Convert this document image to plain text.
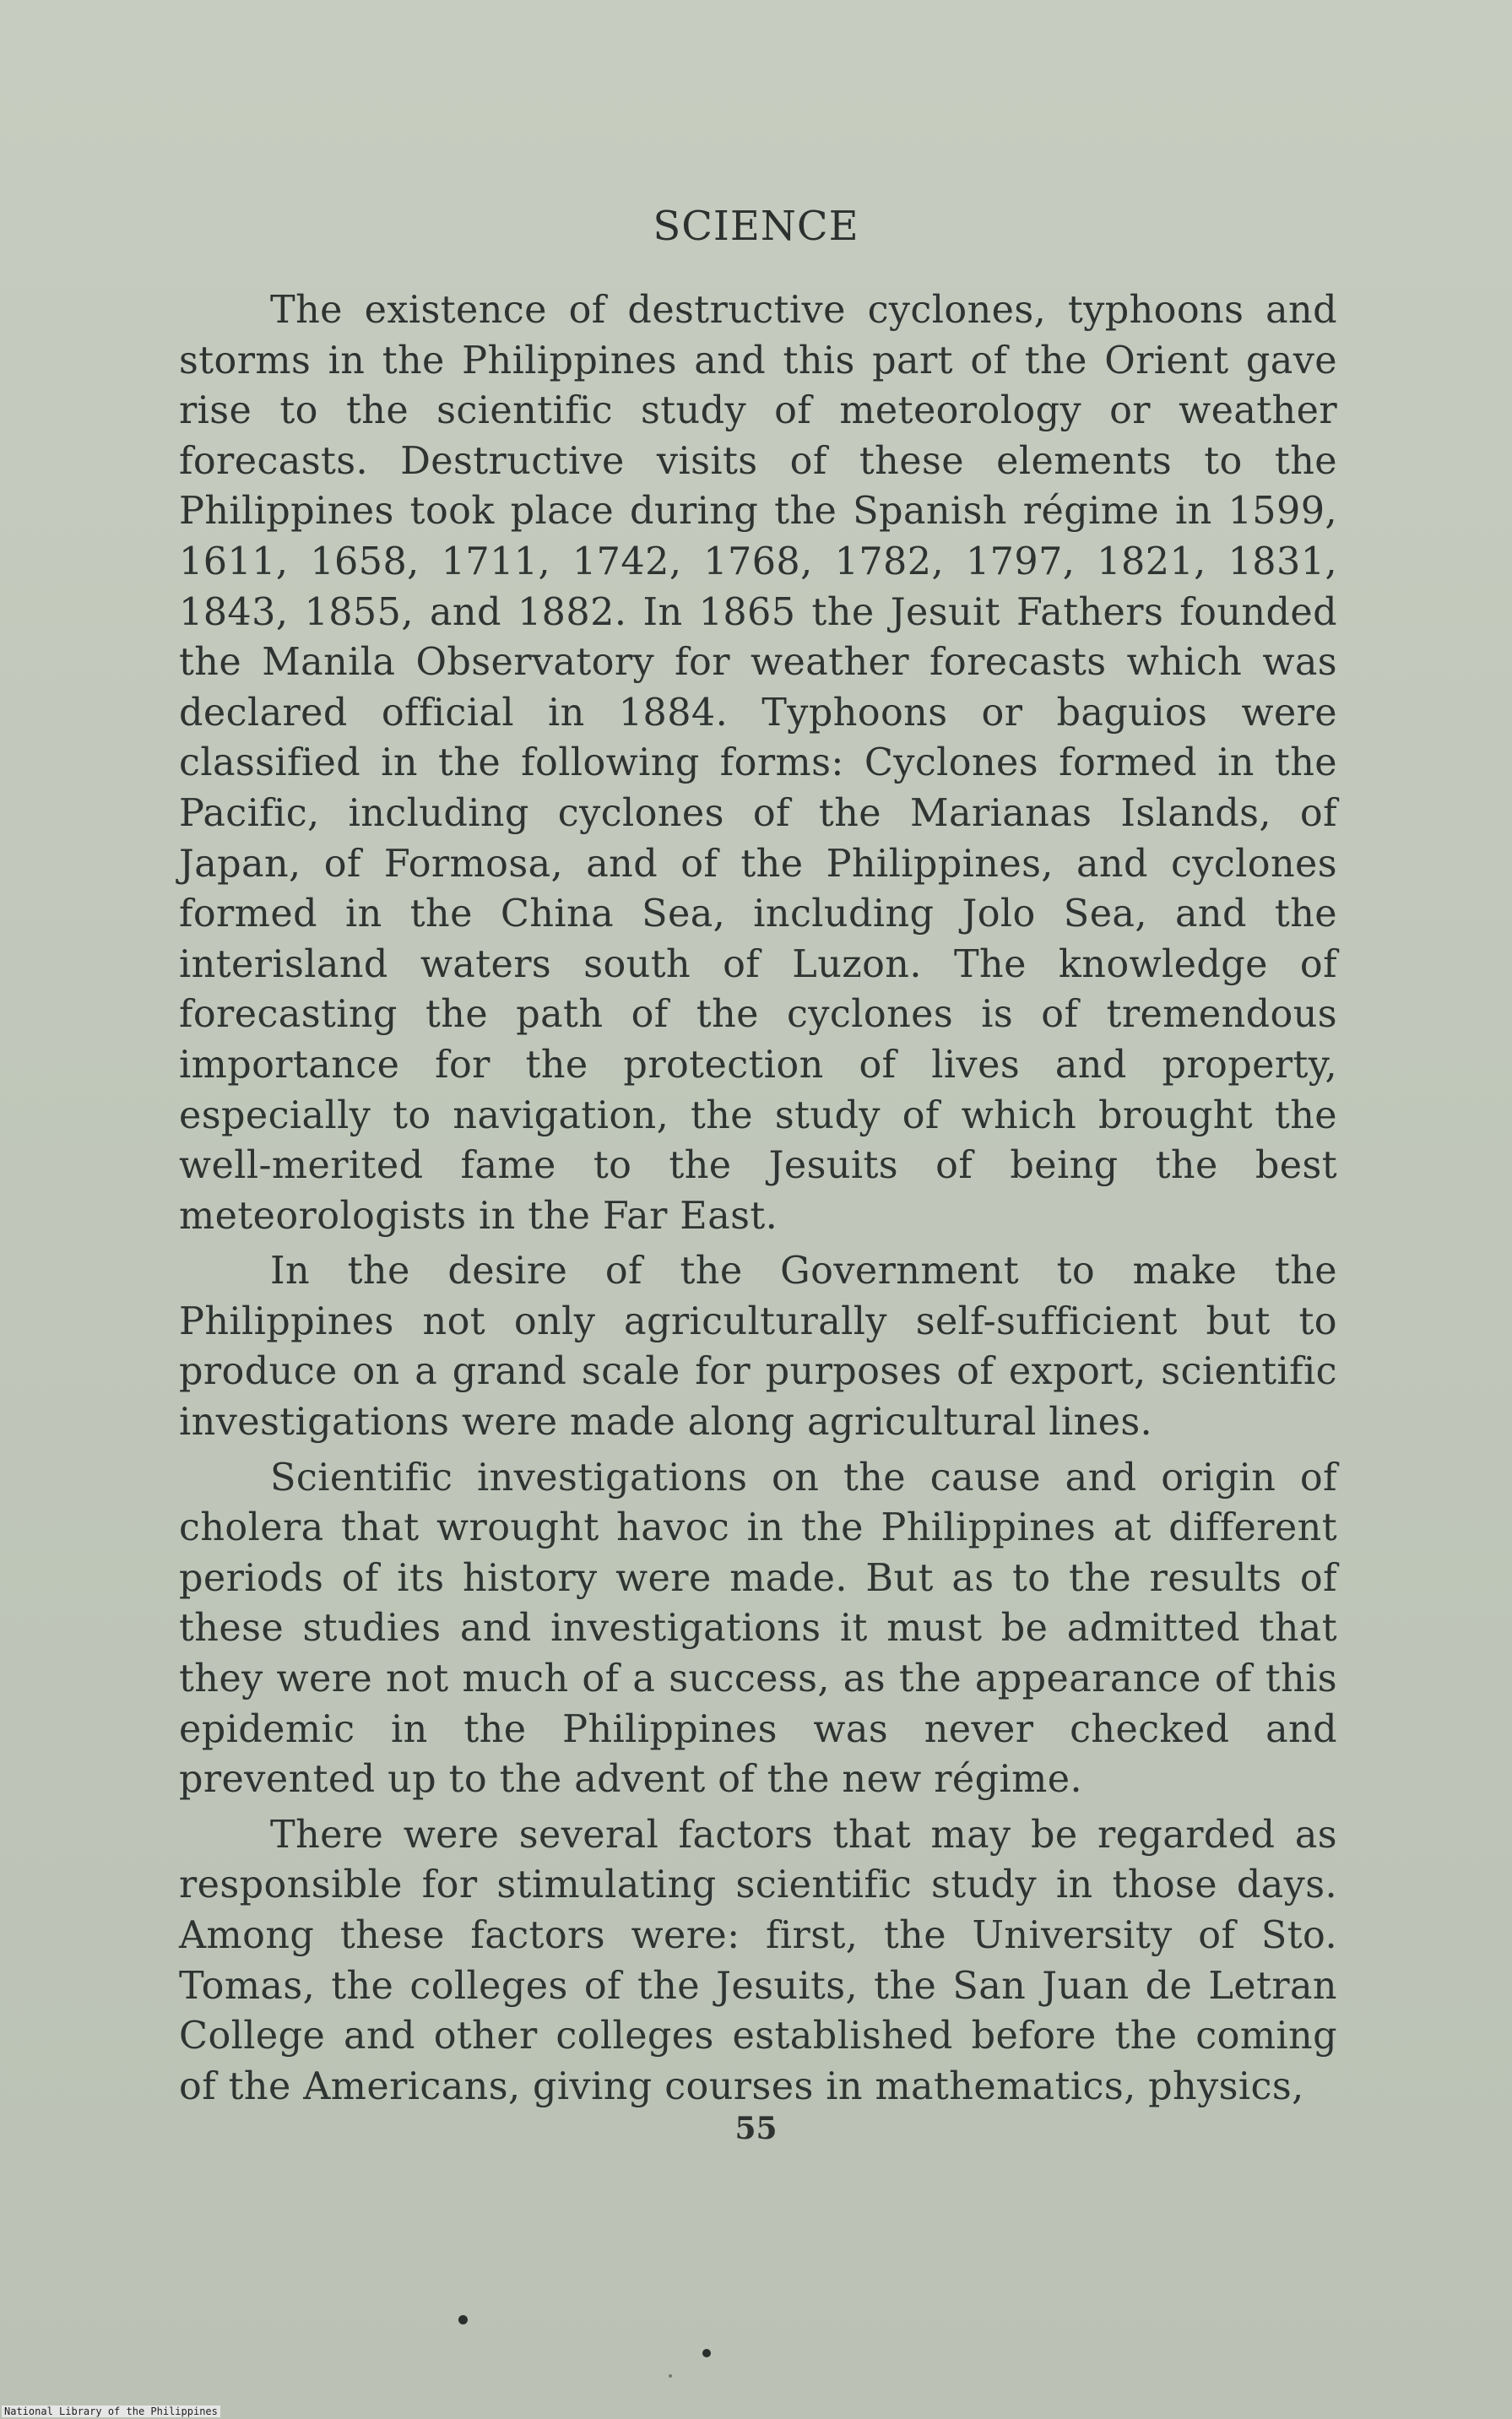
SCIENCE

The existence of destructive cyclones, typhoons and storms in the Philippines and this part of the Orient gave rise to the scientific study of meteorology or weather forecasts. Destructive visits of these elements to the Philippines took place during the Spanish régime in 1599, 1611, 1658, 1711, 1742, 1768, 1782, 1797, 1821, 1831, 1843, 1855, and 1882. In 1865 the Jesuit Fathers founded the Manila Observatory for weather forecasts which was declared official in 1884. Typhoons or baguios were classified in the following forms: Cyclones formed in the Pacific, including cyclones of the Marianas Islands, of Japan, of Formosa, and of the Philippines, and cyclones formed in the China Sea, including Jolo Sea, and the interisland waters south of Luzon. The knowledge of forecasting the path of the cyclones is of tremendous importance for the protection of lives and property, especially to navigation, the study of which brought the well-merited fame to the Jesuits of being the best meteorologists in the Far East.

In the desire of the Government to make the Philippines not only agriculturally self-sufficient but to produce on a grand scale for purposes of export, scientific investigations were made along agricultural lines.

Scientific investigations on the cause and origin of cholera that wrought havoc in the Philippines at different periods of its history were made. But as to the results of these studies and investigations it must be admitted that they were not much of a success, as the appearance of this epidemic in the Philippines was never checked and prevented up to the advent of the new régime.

There were several factors that may be regarded as responsible for stimulating scientific study in those days. Among these factors were: first, the University of Sto. Tomas, the colleges of the Jesuits, the San Juan de Letran College and other colleges established before the coming of the Americans, giving courses in mathematics, physics,

55
National Library of the Philippines
